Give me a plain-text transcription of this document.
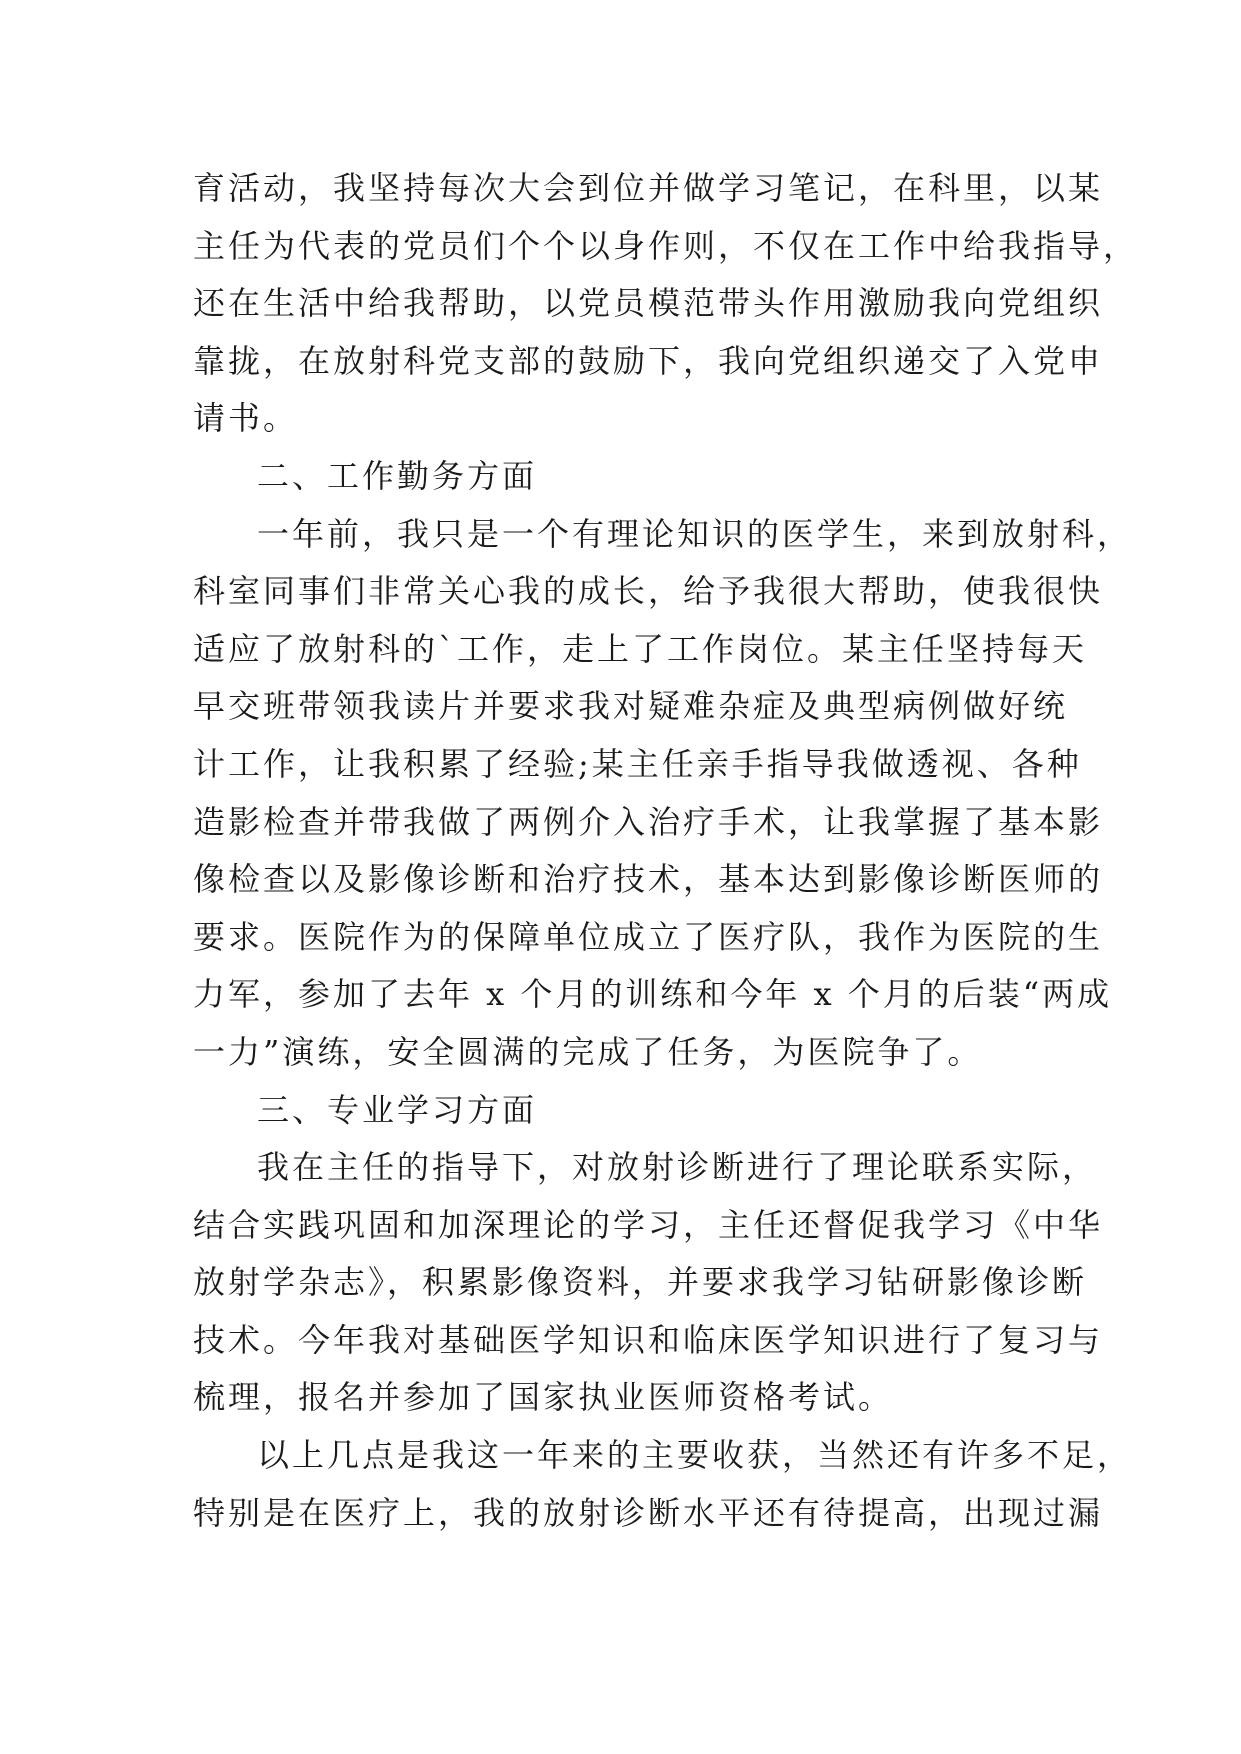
育活动，我坚持每次大会到位并做学习笔记，在科里，以某
主任为代表的党员们个个以身作则，不仅在工作中给我指导，
还在生活中给我帮助，以党员模范带头作用激励我向党组织
靠拢，在放射科党支部的鼓励下，我向党组织递交了入党申
请书。
二、工作勤务方面
一年前，我只是一个有理论知识的医学生，来到放射科，
科室同事们非常关心我的成长，给予我很大帮助，使我很快
适应了放射科的`工作，走上了工作岗位。某主任坚持每天
早交班带领我读片并要求我对疑难杂症及典型病例做好统
计工作，让我积累了经验;某主任亲手指导我做透视、各种
造影检查并带我做了两例介入治疗手术，让我掌握了基本影
像检查以及影像诊断和治疗技术，基本达到影像诊断医师的
要求。医院作为的保障单位成立了医疗队，我作为医院的生
力军，参加了去年 x 个月的训练和今年 x 个月的后装“两成
一力”演练，安全圆满的完成了任务，为医院争了。
三、专业学习方面
我在主任的指导下，对放射诊断进行了理论联系实际，
结合实践巩固和加深理论的学习，主任还督促我学习《中华
放射学杂志》，积累影像资料，并要求我学习钻研影像诊断
技术。今年我对基础医学知识和临床医学知识进行了复习与
梳理，报名并参加了国家执业医师资格考试。
以上几点是我这一年来的主要收获，当然还有许多不足，
特别是在医疗上，我的放射诊断水平还有待提高，出现过漏
